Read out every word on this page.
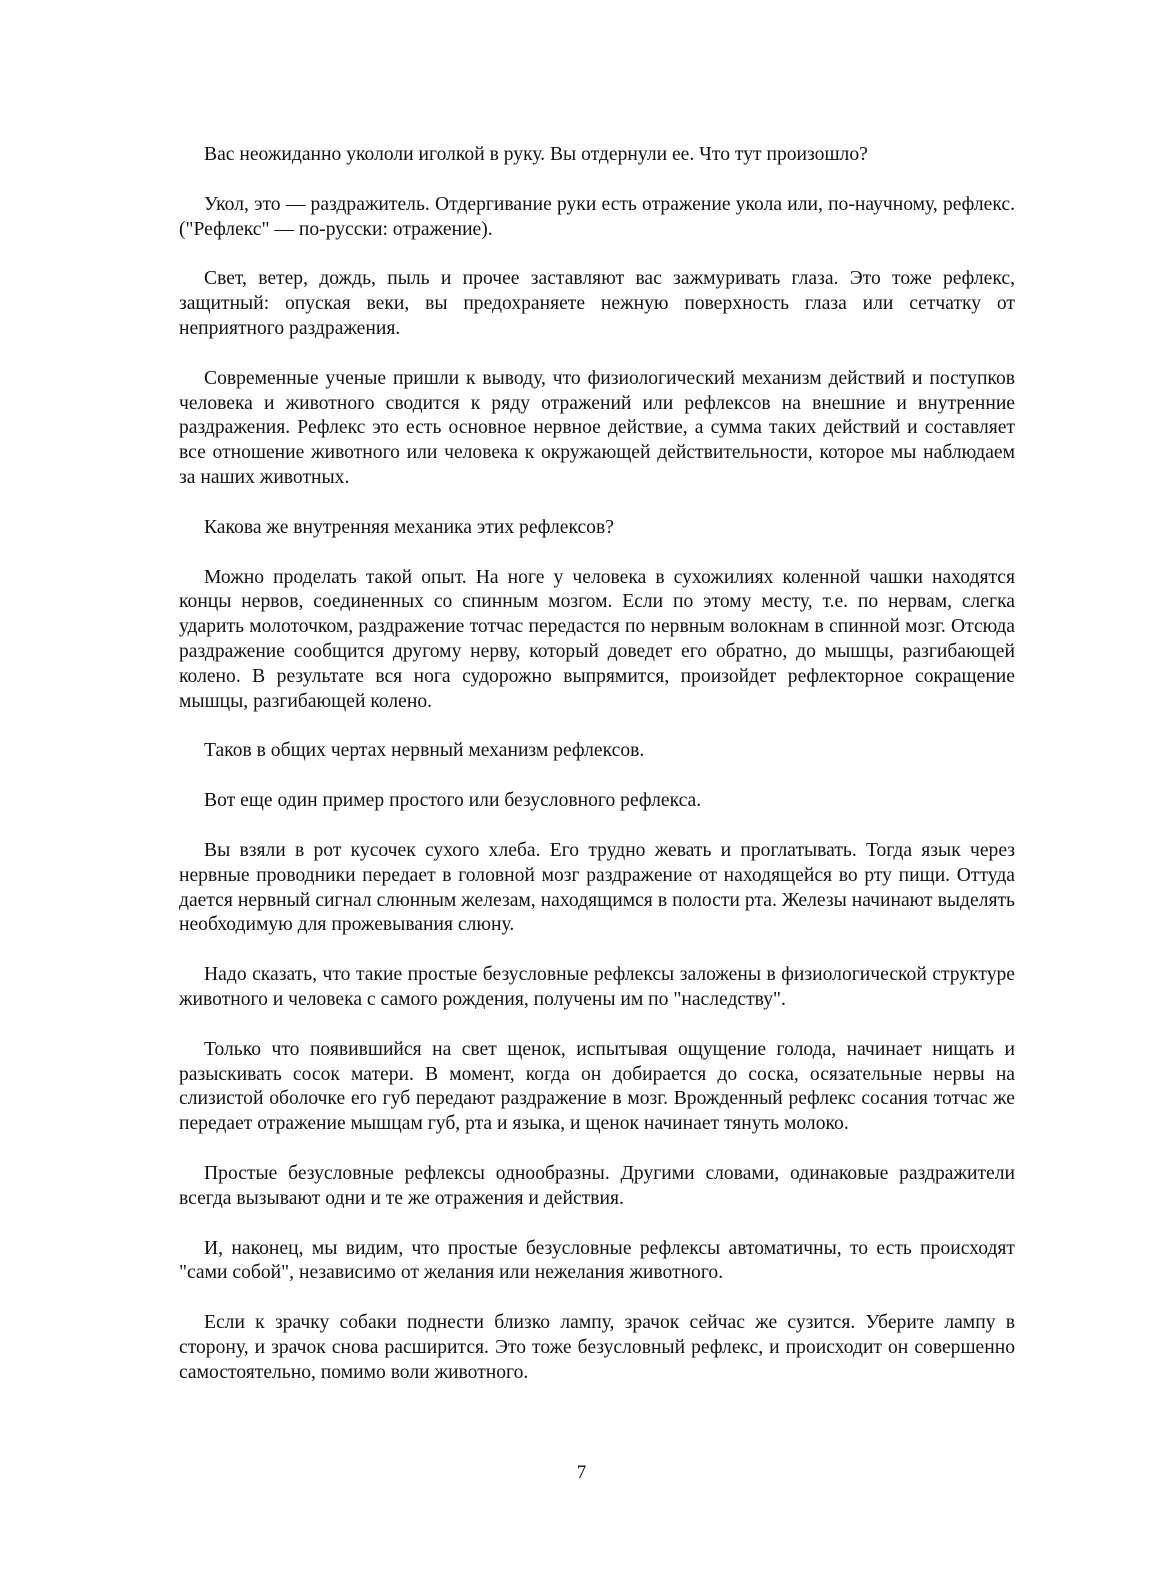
Вас неожиданно укололи иголкой в руку. Вы отдернули ее. Что тут произошло?

Укол, это — раздражитель. Отдергивание руки есть отражение укола или, по-научному, рефлекс. ("Рефлекс" — по-русски: отражение).

Свет, ветер, дождь, пыль и прочее заставляют вас зажмуривать глаза. Это тоже рефлекс, защитный: опуская веки, вы предохраняете нежную поверхность глаза или сетчатку от неприятного раздражения.

Современные ученые пришли к выводу, что физиологический механизм действий и поступков человека и животного сводится к ряду отражений или рефлексов на внешние и внутренние раздражения. Рефлекс это есть основное нервное действие, а сумма таких действий и составляет все отношение животного или человека к окружающей действительности, которое мы наблюдаем за наших животных.

Какова же внутренняя механика этих рефлексов?

Можно проделать такой опыт. На ноге у человека в сухожилиях коленной чашки находятся концы нервов, соединенных со спинным мозгом. Если по этому месту, т.е. по нервам, слегка ударить молоточком, раздражение тотчас передастся по нервным волокнам в спинной мозг. Отсюда раздражение сообщится другому нерву, который доведет его обратно, до мышцы, разгибающей колено. В результате вся нога судорожно выпрямится, произойдет рефлекторное сокращение мышцы, разгибающей колено.

Таков в общих чертах нервный механизм рефлексов.

Вот еще один пример простого или безусловного рефлекса.

Вы взяли в рот кусочек сухого хлеба. Его трудно жевать и проглатывать. Тогда язык через нервные проводники передает в головной мозг раздражение от находящейся во рту пищи. Оттуда дается нервный сигнал слюнным железам, находящимся в полости рта. Железы начинают выделять необходимую для прожевывания слюну.

Надо сказать, что такие простые безусловные рефлексы заложены в физиологической структуре животного и человека с самого рождения, получены им по "наследству".

Только что появившийся на свет щенок, испытывая ощущение голода, начинает нищать и разыскивать сосок матери. В момент, когда он добирается до соска, осязательные нервы на слизистой оболочке его губ передают раздражение в мозг. Врожденный рефлекс сосания тотчас же передает отражение мышцам губ, рта и языка, и щенок начинает тянуть молоко.

Простые безусловные рефлексы однообразны. Другими словами, одинаковые раздражители всегда вызывают одни и те же отражения и действия.

И, наконец, мы видим, что простые безусловные рефлексы автоматичны, то есть происходят "сами собой", независимо от желания или нежелания животного.

Если к зрачку собаки поднести близко лампу, зрачок сейчас же сузится. Уберите лампу в сторону, и зрачок снова расширится. Это тоже безусловный рефлекс, и происходит он совершенно самостоятельно, помимо воли животного.

7
